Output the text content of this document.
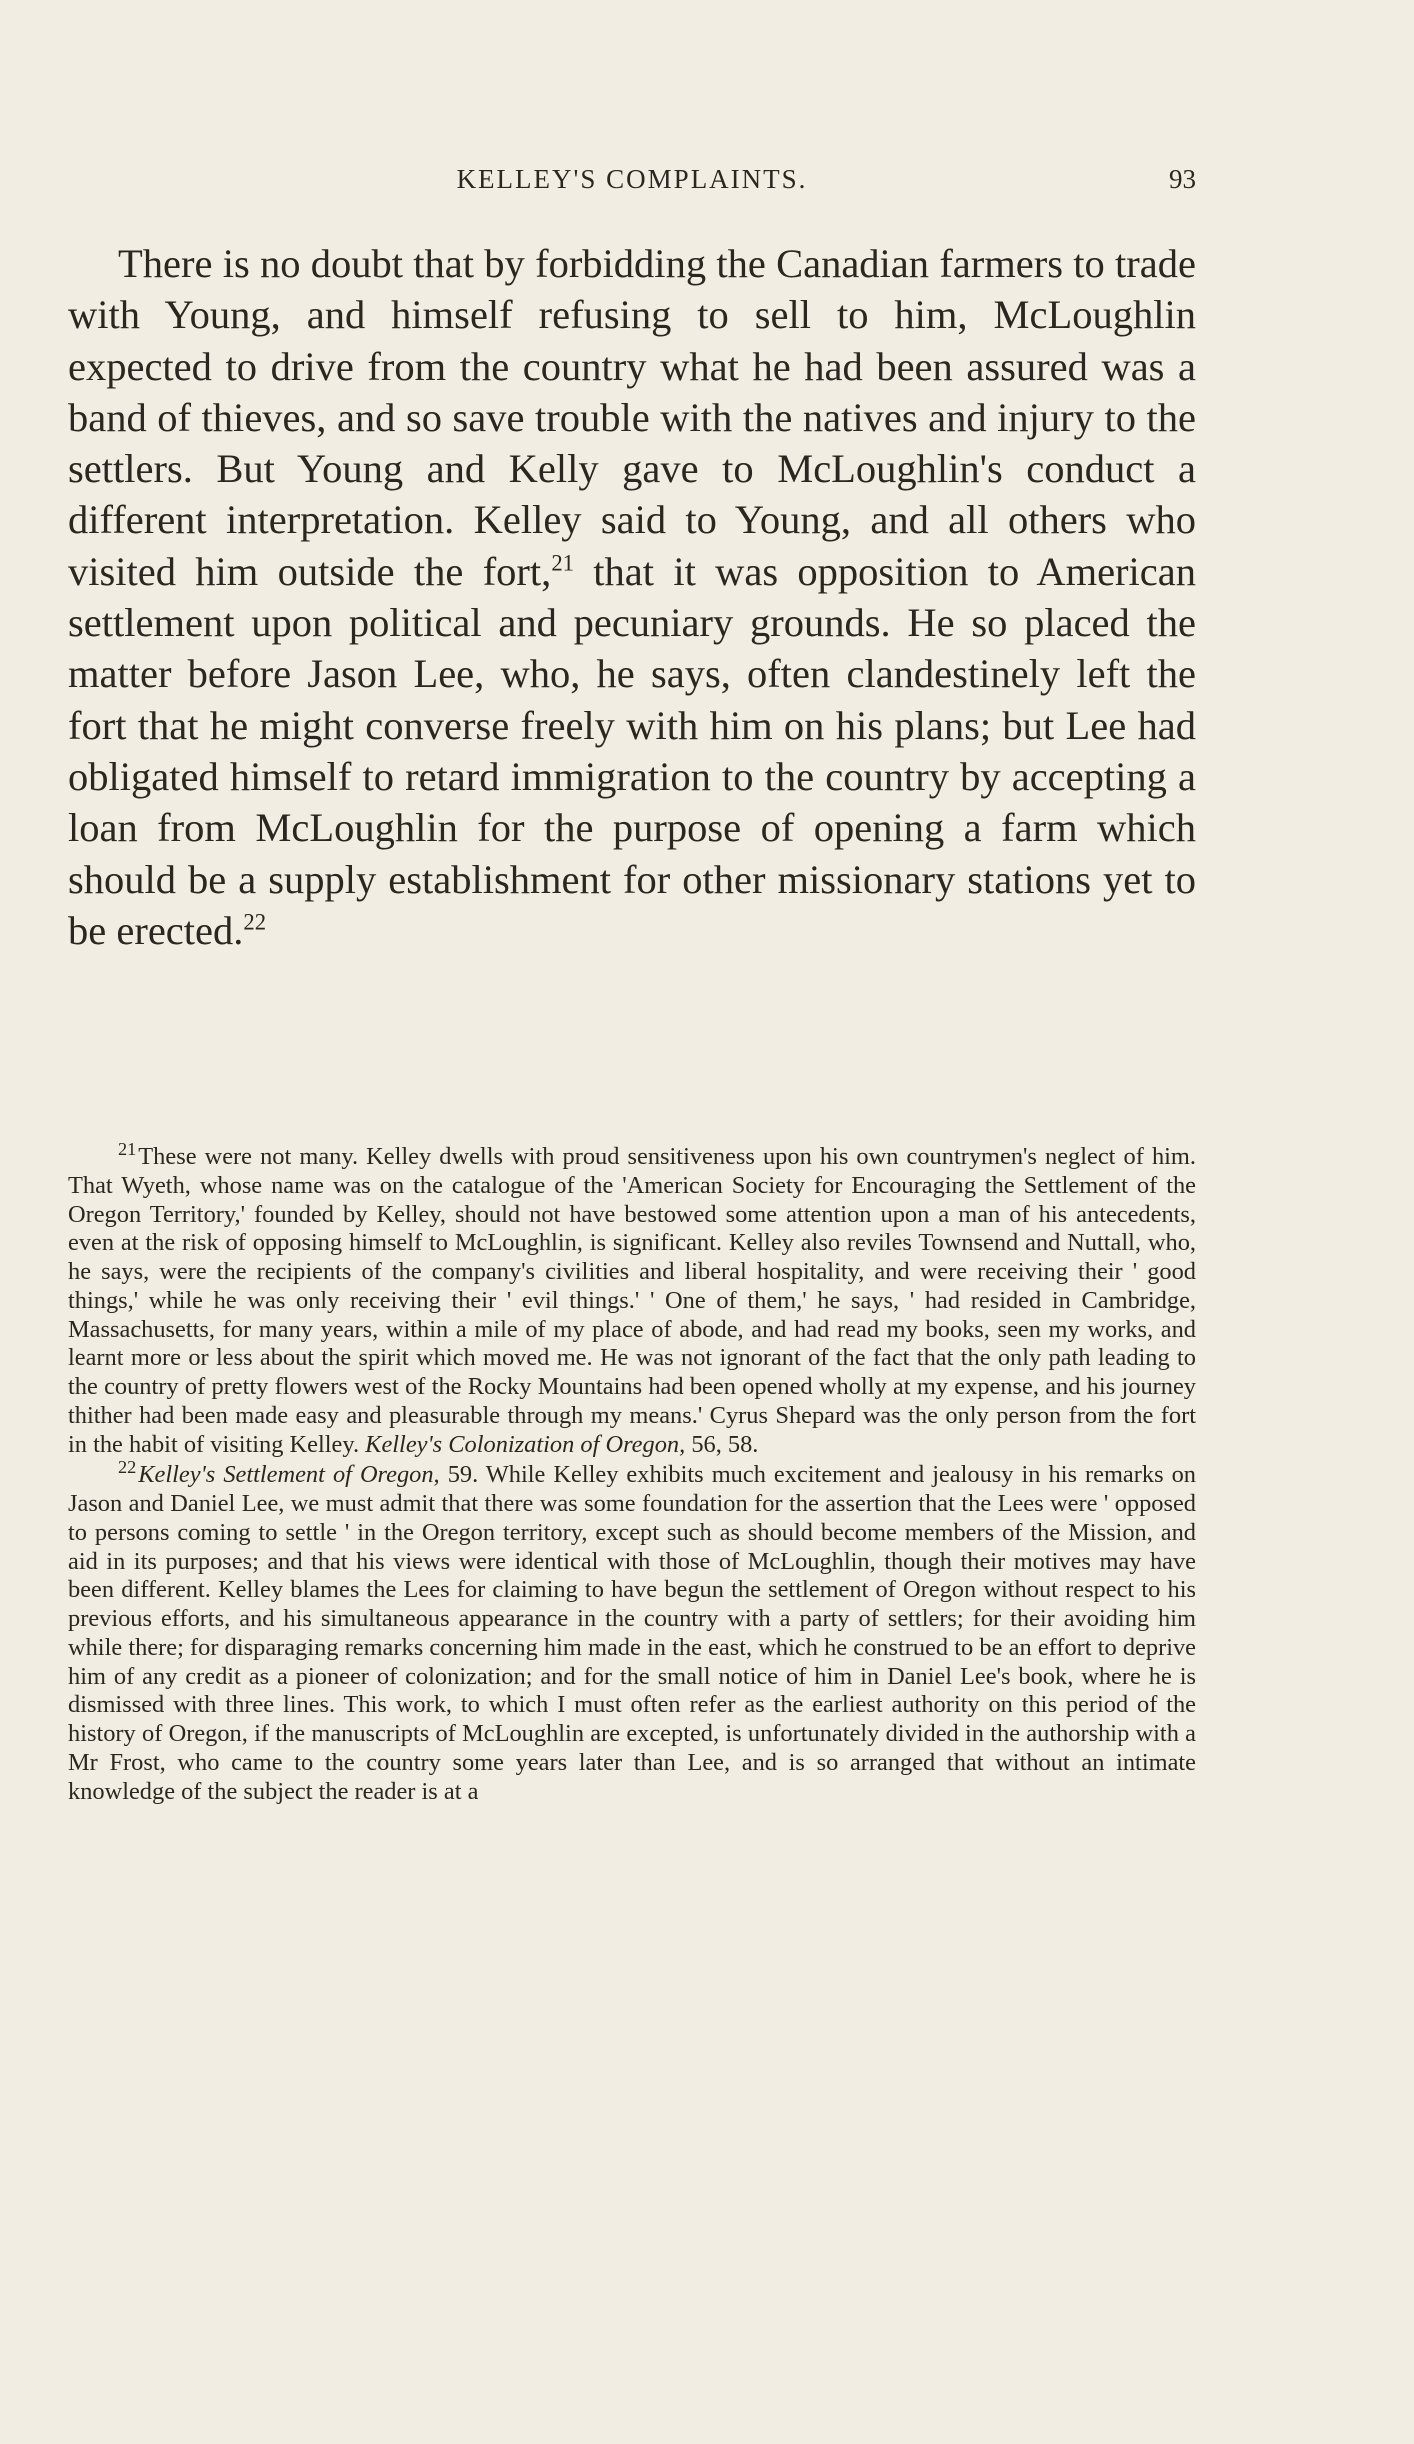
KELLEY'S COMPLAINTS.	93

There is no doubt that by forbidding the Canadian farmers to trade with Young, and himself refusing to sell to him, McLoughlin expected to drive from the country what he had been assured was a band of thieves, and so save trouble with the natives and injury to the settlers. But Young and Kelly gave to McLoughlin's conduct a different interpretation. Kelley said to Young, and all others who visited him outside the fort,$^{21}$ that it was opposition to American settlement upon political and pecuniary grounds. He so placed the matter before Jason Lee, who, he says, often clandestinely left the fort that he might converse freely with him on his plans; but Lee had obligated himself to retard immigration to the country by accepting a loan from McLoughlin for the purpose of opening a farm which should be a supply establishment for other missionary stations yet to be erected.$^{22}$

$^{21}$These were not many. Kelley dwells with proud sensitiveness upon his own countrymen's neglect of him. That Wyeth, whose name was on the catalogue of the 'American Society for Encouraging the Settlement of the Oregon Territory,' founded by Kelley, should not have bestowed some attention upon a man of his antecedents, even at the risk of opposing himself to McLoughlin, is significant. Kelley also reviles Townsend and Nuttall, who, he says, were the recipients of the company's civilities and liberal hospitality, and were receiving their ' good things,' while he was only receiving their ' evil things.' ' One of them,' he says, ' had resided in Cambridge, Massachusetts, for many years, within a mile of my place of abode, and had read my books, seen my works, and learnt more or less about the spirit which moved me. He was not ignorant of the fact that the only path leading to the country of pretty flowers west of the Rocky Mountains had been opened wholly at my expense, and his journey thither had been made easy and pleasurable through my means.' Cyrus Shepard was the only person from the fort in the habit of visiting Kelley. Kelley's Colonization of Oregon, 56, 58.

$^{22}$Kelley's Settlement of Oregon, 59. While Kelley exhibits much excitement and jealousy in his remarks on Jason and Daniel Lee, we must admit that there was some foundation for the assertion that the Lees were ' opposed to persons coming to settle ' in the Oregon territory, except such as should become members of the Mission, and aid in its purposes; and that his views were identical with those of McLoughlin, though their motives may have been different. Kelley blames the Lees for claiming to have begun the settlement of Oregon without respect to his previous efforts, and his simultaneous appearance in the country with a party of settlers; for their avoiding him while there; for disparaging remarks concerning him made in the east, which he construed to be an effort to deprive him of any credit as a pioneer of colonization; and for the small notice of him in Daniel Lee's book, where he is dismissed with three lines. This work, to which I must often refer as the earliest authority on this period of the history of Oregon, if the manuscripts of McLoughlin are excepted, is unfortunately divided in the authorship with a Mr Frost, who came to the country some years later than Lee, and is so arranged that without an intimate knowledge of the subject the reader is at a
